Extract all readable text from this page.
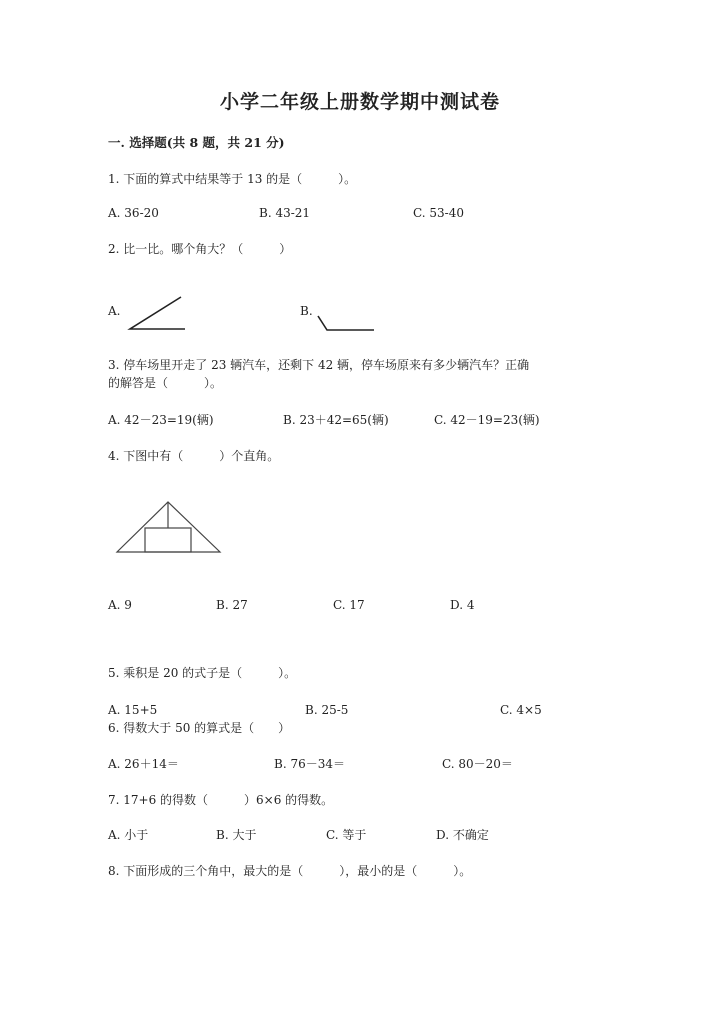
小学二年级上册数学期中测试卷
一. 选择题(共 8 题，共 21 分)
1. 下面的算式中结果等于 13 的是（　　　）。
A. 36-20	B. 43-21	C. 53-40
2. 比一比。哪个角大？（　　　）
A.	B.
3. 停车场里开走了 23 辆汽车，还剩下 42 辆，停车场原来有多少辆汽车？正确
的解答是（　　　）。
A. 42－23=19(辆)	B. 23＋42=65(辆)	C. 42－19=23(辆)
4. 下图中有（　　　）个直角。
A. 9	B. 27	C. 17	D. 4
5. 乘积是 20 的式子是（　　　）。
A. 15+5	B. 25-5	C. 4×5
6. 得数大于 50 的算式是（　　）
A. 26＋14＝	B. 76－34＝	C. 80－20＝
7. 17+6 的得数（　　　）6×6 的得数。
A. 小于	B. 大于	C. 等于	D. 不确定
8. 下面形成的三个角中，最大的是（　　　），最小的是（　　　）。
